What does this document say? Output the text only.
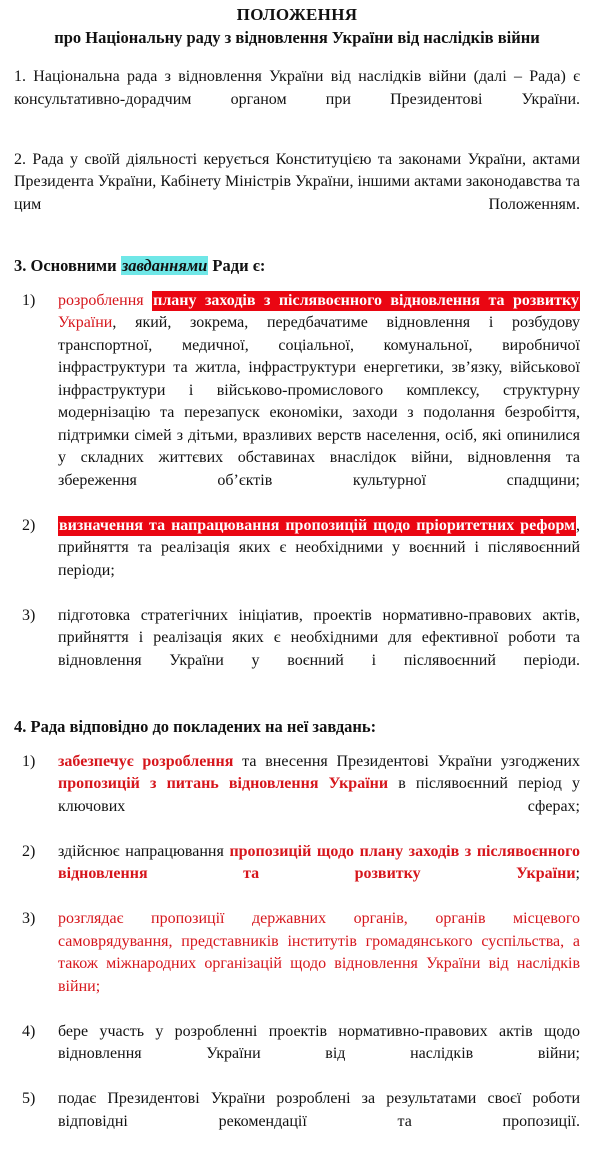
ПОЛОЖЕННЯ
про Національну раду з відновлення України від наслідків війни

1. Національна рада з відновлення України від наслідків війни (далі – Рада) є консультативно-дорадчим органом при Президентові України.

2. Рада у своїй діяльності керується Конституцією та законами України, актами Президента України, Кабінету Міністрів України, іншими актами законодавства та цим Положенням.

3. Основними завданнями Ради є:

1)	розроблення плану заходів з післявоєнного відновлення та розвитку України, який, зокрема, передбачатиме відновлення і розбудову транспортної, медичної, соціальної, комунальної, виробничої інфраструктури та житла, інфраструктури енергетики, зв’язку, військової інфраструктури і військово-промислового комплексу, структурну модернізацію та перезапуск економіки, заходи з подолання безробіття, підтримки сімей з дітьми, вразливих верств населення, осіб, які опинилися у складних життєвих обставинах внаслідок війни, відновлення та збереження об’єктів культурної спадщини;
2)	визначення та напрацювання пропозицій щодо пріоритетних реформ, прийняття та реалізація яких є необхідними у воєнний і післявоєнний періоди;
3)	підготовка стратегічних ініціатив, проектів нормативно-правових актів, прийняття і реалізація яких є необхідними для ефективної роботи та відновлення України у воєнний і післявоєнний періоди.

4. Рада відповідно до покладених на неї завдань:

1)	забезпечує розроблення та внесення Президентові України узгоджених пропозицій з питань відновлення України в післявоєнний період у ключових сферах;
2)	здійснює напрацювання пропозицій щодо плану заходів з післявоєнного відновлення та розвитку України;
3)	розглядає пропозиції державних органів, органів місцевого самоврядування, представників інститутів громадянського суспільства, а також міжнародних організацій щодо відновлення України від наслідків війни;
4)	бере участь у розробленні проектів нормативно-правових актів щодо відновлення України від наслідків війни;
5)	подає Президентові України розроблені за результатами своєї роботи відповідні рекомендації та пропозиції.
